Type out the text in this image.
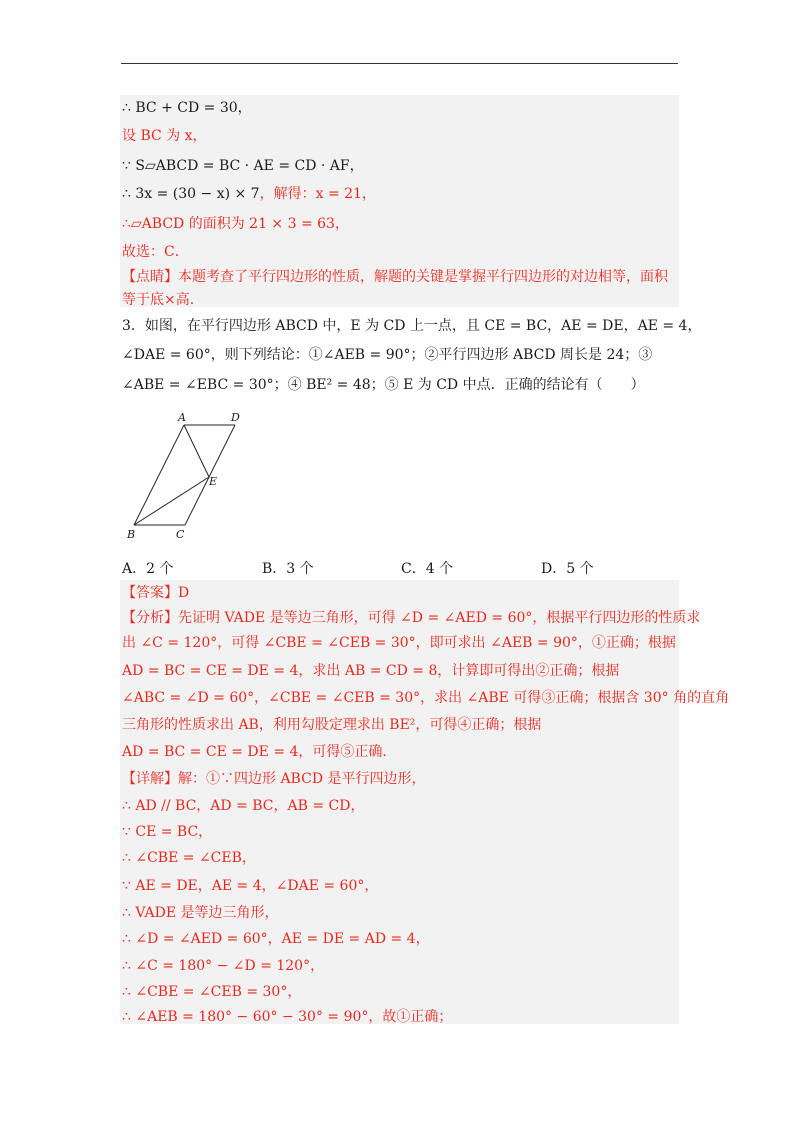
∴ BC + CD = 30，
设 BC 为 x，
∵ S▱ABCD = BC · AE = CD · AF，
∴ 3x = (30 − x) × 7，解得：x = 21，
∴▱ABCD 的面积为 21 × 3 = 63，
故选：C．
【点睛】本题考查了平行四边形的性质，解题的关键是掌握平行四边形的对边相等，面积
等于底×高.
3．如图，在平行四边形 ABCD 中，E 为 CD 上一点，且 CE = BC，AE = DE，AE = 4，
∠DAE = 60°，则下列结论：①∠AEB = 90°；②平行四边形 ABCD 周长是 24；③
∠ABE = ∠EBC = 30°；④ BE² = 48；⑤ E 为 CD 中点．正确的结论有（　　）
A	D
E
B	C
A．2 个	B．3 个	C．4 个	D．5 个
【答案】D
【分析】先证明 VADE 是等边三角形，可得 ∠D = ∠AED = 60°，根据平行四边形的性质求
出 ∠C = 120°，可得 ∠CBE = ∠CEB = 30°，即可求出 ∠AEB = 90°，①正确；根据
AD = BC = CE = DE = 4，求出 AB = CD = 8，计算即可得出②正确；根据
∠ABC = ∠D = 60°，∠CBE = ∠CEB = 30°，求出 ∠ABE 可得③正确；根据含 30° 角的直角
三角形的性质求出 AB，利用勾股定理求出 BE²，可得④正确；根据
AD = BC = CE = DE = 4，可得⑤正确．
【详解】解：①∵四边形 ABCD 是平行四边形，
∴ AD // BC，AD = BC，AB = CD，
∵ CE = BC，
∴ ∠CBE = ∠CEB，
∵ AE = DE，AE = 4，∠DAE = 60°，
∴ VADE 是等边三角形，
∴ ∠D = ∠AED = 60°，AE = DE = AD = 4，
∴ ∠C = 180° − ∠D = 120°，
∴ ∠CBE = ∠CEB = 30°，
∴ ∠AEB = 180° − 60° − 30° = 90°，故①正确；
